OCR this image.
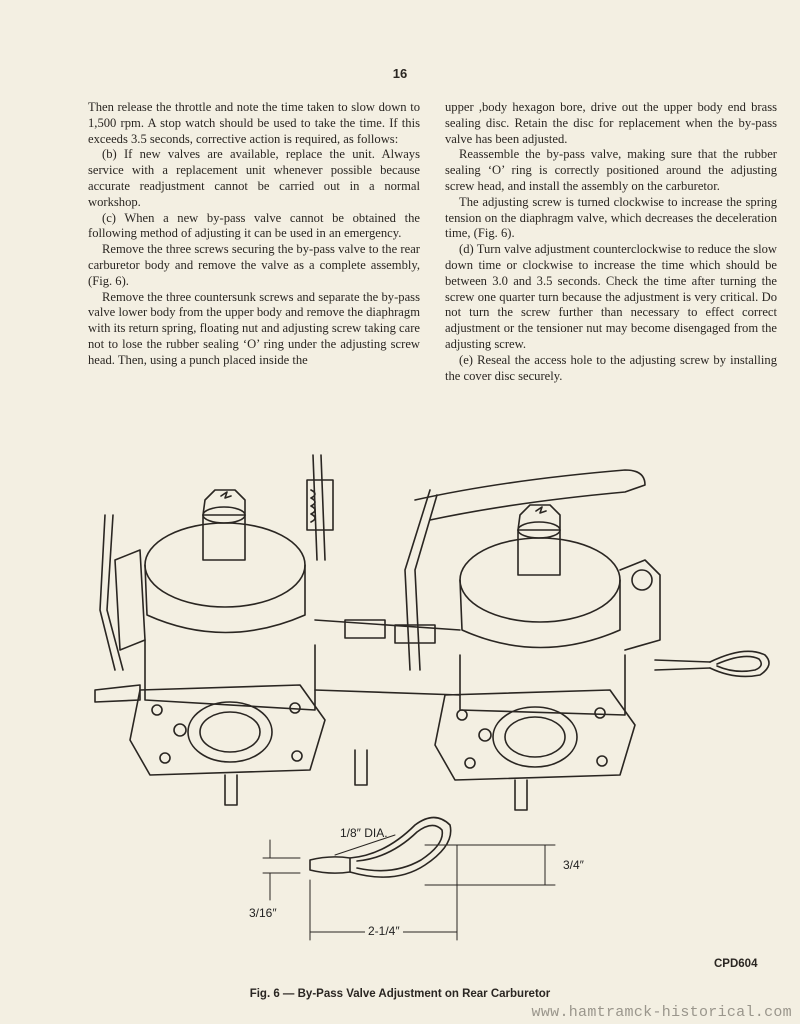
16

Then release the throttle and note the time taken to slow down to 1,500 rpm. A stop watch should be used to take the time. If this exceeds 3.5 seconds, corrective action is required, as follows:

(b) If new valves are available, replace the unit. Always service with a replacement unit whenever possible because accurate readjustment cannot be carried out in a normal workshop.

(c) When a new by-pass valve cannot be obtained the following method of adjusting it can be used in an emergency.

Remove the three screws securing the by-pass valve to the rear carburetor body and remove the valve as a complete assembly, (Fig. 6).

Remove the three countersunk screws and separate the by-pass valve lower body from the upper body and remove the diaphragm with its return spring, floating nut and adjusting screw taking care not to lose the rubber sealing ‘O’ ring under the adjusting screw head. Then, using a punch placed inside the

upper ,body hexagon bore, drive out the upper body end brass sealing disc. Retain the disc for replacement when the by-pass valve has been adjusted.

Reassemble the by-pass valve, making sure that the rubber sealing ‘O’ ring is correctly positioned around the adjusting screw head, and install the assembly on the carburetor.

The adjusting screw is turned clockwise to increase the spring tension on the diaphragm valve, which decreases the deceleration time, (Fig. 6).

(d) Turn valve adjustment counterclockwise to reduce the slow down time or clockwise to increase the time which should be between 3.0 and 3.5 seconds. Check the time after turning the screw one quarter turn because the adjustment is very critical. Do not turn the screw further than necessary to effect correct adjustment or the tensioner nut may become disengaged from the adjusting screw.

(e) Reseal the access hole to the adjusting screw by installing the cover disc securely.

1/8″ DIA.
3/4″
3/16″
2-1/4″
CPD604
Fig. 6 — By-Pass Valve Adjustment on Rear Carburetor
www.hamtramck-historical.com
